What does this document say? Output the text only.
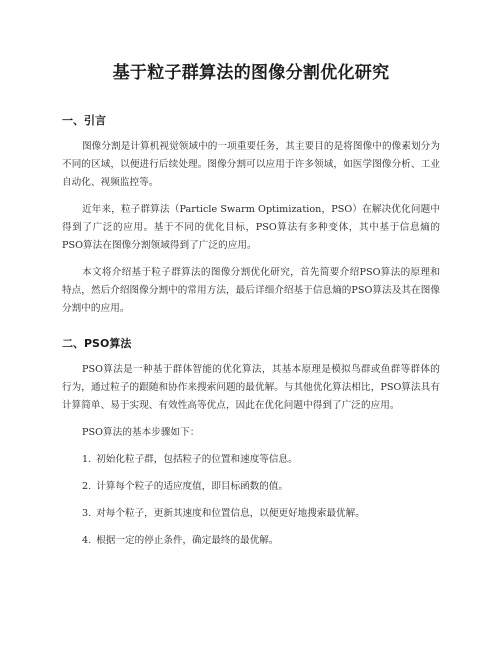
基于粒子群算法的图像分割优化研究
一、引言

图像分割是计算机视觉领域中的一项重要任务，其主要目的是将图像中的像素划分为不同的区域，以便进行后续处理。图像分割可以应用于许多领域，如医学图像分析、工业自动化、视频监控等。

近年来，粒子群算法（Particle Swarm Optimization，PSO）在解决优化问题中得到了广泛的应用。基于不同的优化目标，PSO算法有多种变体，其中基于信息熵的PSO算法在图像分割领域得到了广泛的应用。

本文将介绍基于粒子群算法的图像分割优化研究，首先简要介绍PSO算法的原理和特点，然后介绍图像分割中的常用方法，最后详细介绍基于信息熵的PSO算法及其在图像分割中的应用。

二、PSO算法

PSO算法是一种基于群体智能的优化算法，其基本原理是模拟鸟群或鱼群等群体的行为，通过粒子的跟随和协作来搜索问题的最优解。与其他优化算法相比，PSO算法具有计算简单、易于实现、有效性高等优点，因此在优化问题中得到了广泛的应用。

PSO算法的基本步骤如下：

1. 初始化粒子群，包括粒子的位置和速度等信息。
2. 计算每个粒子的适应度值，即目标函数的值。
3. 对每个粒子，更新其速度和位置信息，以便更好地搜索最优解。
4. 根据一定的停止条件，确定最终的最优解。
